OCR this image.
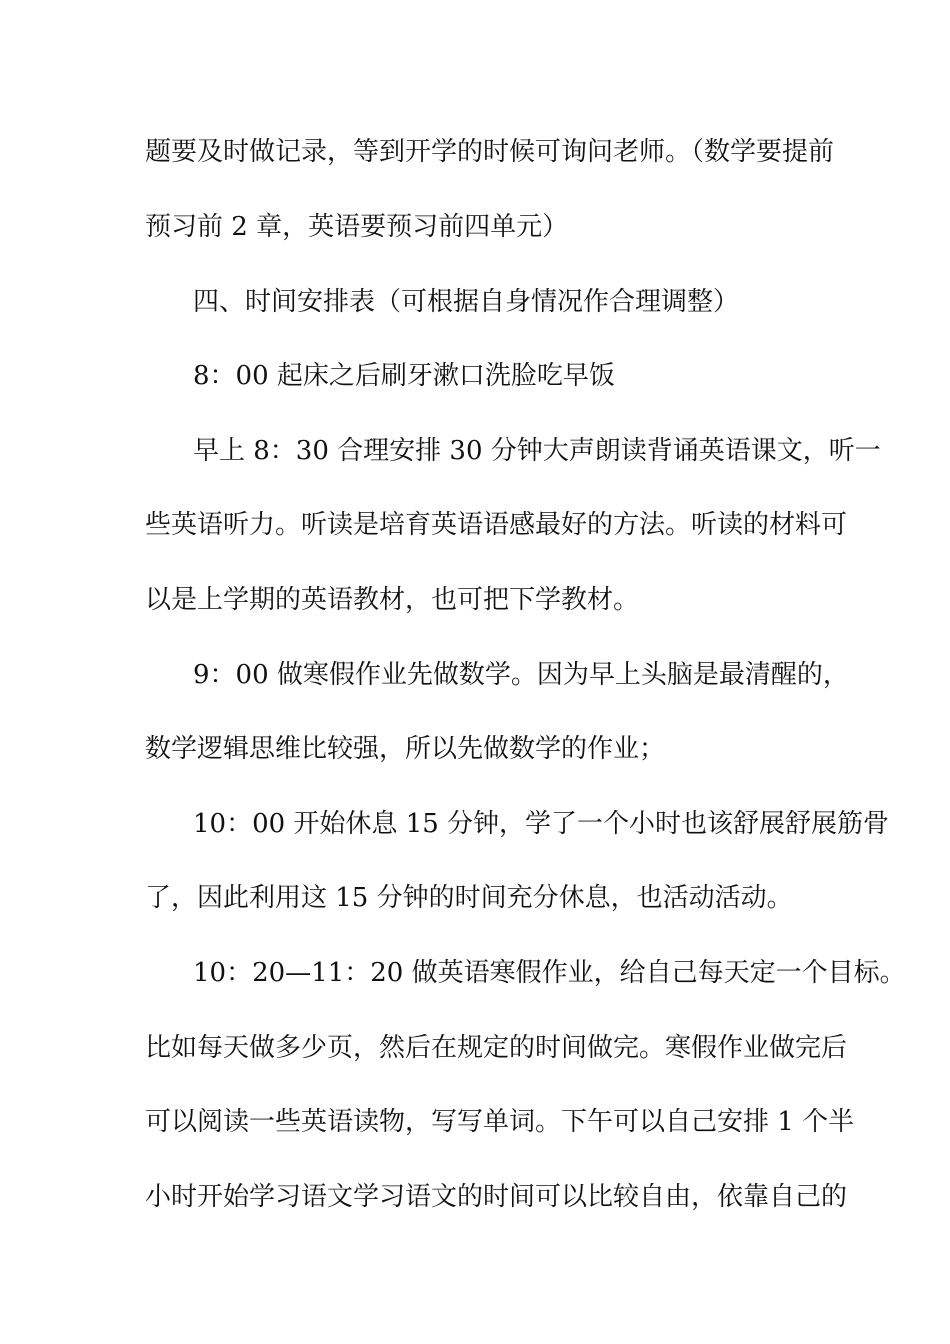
题要及时做记录，等到开学的时候可询问老师。（数学要提前
预习前 2 章，英语要预习前四单元）
四、时间安排表（可根据自身情况作合理调整）
8：00 起床之后刷牙漱口洗脸吃早饭
早上 8：30 合理安排 30 分钟大声朗读背诵英语课文，听一
些英语听力。听读是培育英语语感最好的方法。听读的材料可
以是上学期的英语教材，也可把下学教材。
9：00 做寒假作业先做数学。因为早上头脑是最清醒的，
数学逻辑思维比较强，所以先做数学的作业；
10：00 开始休息 15 分钟，学了一个小时也该舒展舒展筋骨
了，因此利用这 15 分钟的时间充分休息，也活动活动。
10：20—11：20 做英语寒假作业，给自己每天定一个目标。
比如每天做多少页，然后在规定的时间做完。寒假作业做完后
可以阅读一些英语读物，写写单词。下午可以自己安排 1 个半
小时开始学习语文学习语文的时间可以比较自由，依靠自己的
